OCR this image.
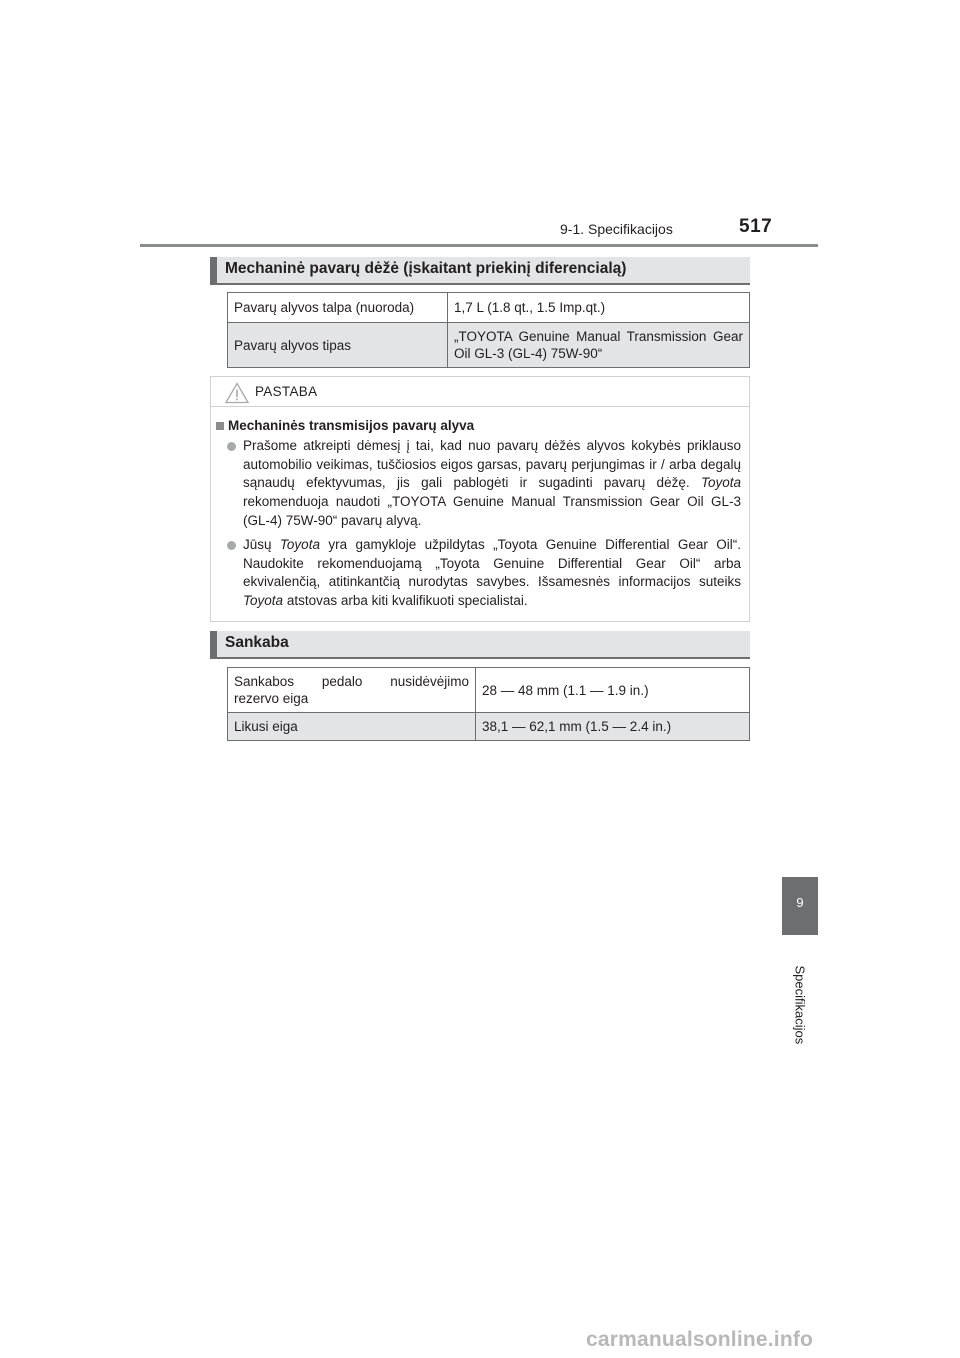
9-1. Specifikacijos	517
Mechaninė pavarų dėžė (įskaitant priekinį diferencialą)
Pavarų alyvos talpa (nuoroda)	1,7 L (1.8 qt., 1.5 Imp.qt.)
Pavarų alyvos tipas	„TOYOTA Genuine Manual Transmission Gear Oil GL-3 (GL-4) 75W-90“
PASTABA
Mechaninės transmisijos pavarų alyva
Prašome atkreipti dėmesį į tai, kad nuo pavarų dėžės alyvos kokybės priklauso automobilio veikimas, tuščiosios eigos garsas, pavarų perjungimas ir / arba degalų sąnaudų efektyvumas, jis gali pablogėti ir sugadinti pavarų dėžę. Toyota rekomenduoja naudoti „TOYOTA Genuine Manual Transmission Gear Oil GL-3 (GL-4) 75W-90“ pavarų alyvą.
Jūsų Toyota yra gamykloje užpildytas „Toyota Genuine Differential Gear Oil“. Naudokite rekomenduojamą „Toyota Genuine Differential Gear Oil“ arba ekvivalenčią, atitinkantčią nurodytas savybes. Išsamesnės informacijos suteiks Toyota atstovas arba kiti kvalifikuoti specialistai.
Sankaba
Sankabos pedalo nusidėvėjimo rezervo eiga	28 — 48 mm (1.1 — 1.9 in.)
Likusi eiga	38,1 — 62,1 mm (1.5 — 2.4 in.)
9
Specifikacijos
carmanualsonline.info
